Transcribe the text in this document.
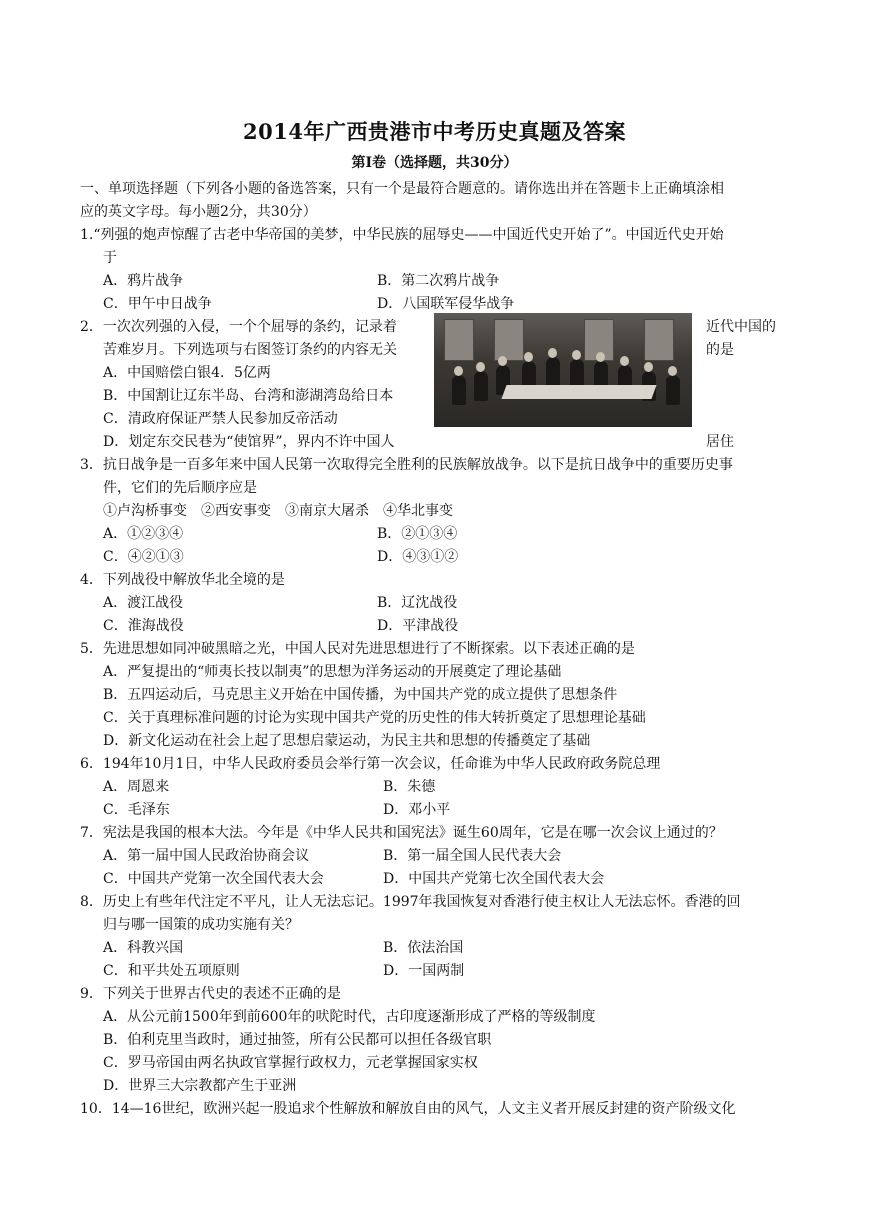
2014年广西贵港市中考历史真题及答案
第Ⅰ卷（选择题，共30分）
一、单项选择题（下列各小题的备选答案，只有一个是最符合题意的。请你选出并在答题卡上正确填涂相
应的英文字母。每小题2分，共30分）
1.“列强的炮声惊醒了古老中华帝国的美梦，中华民族的屈辱史——中国近代史开始了”。中国近代史开始
于
A．鸦片战争	B．第二次鸦片战争
C．甲午中日战争	D．八国联军侵华战争
2．一次次列强的入侵，一个个屈辱的条约，记录着	近代中国的
苦难岁月。下列选项与右图签订条约的内容无关	的是
A．中国赔偿白银4．5亿两
B．中国割让辽东半岛、台湾和澎湖湾岛给日本
C．清政府保证严禁人民参加反帝活动
D．划定东交民巷为“使馆界”，界内不许中国人	居住
3．抗日战争是一百多年来中国人民第一次取得完全胜利的民族解放战争。以下是抗日战争中的重要历史事
件，它们的先后顺序应是
①卢沟桥事变　②西安事变　③南京大屠杀　④华北事变
A．①②③④	B．②①③④
C．④②①③	D．④③①②
4．下列战役中解放华北全境的是
A．渡江战役	B．辽沈战役
C．淮海战役	D．平津战役
5．先进思想如同冲破黑暗之光，中国人民对先进思想进行了不断探索。以下表述正确的是
A．严复提出的“师夷长技以制夷”的思想为洋务运动的开展奠定了理论基础
B．五四运动后，马克思主义开始在中国传播，为中国共产党的成立提供了思想条件
C．关于真理标准问题的讨论为实现中国共产党的历史性的伟大转折奠定了思想理论基础
D．新文化运动在社会上起了思想启蒙运动，为民主共和思想的传播奠定了基础
6．194年10月1日，中华人民政府委员会举行第一次会议，任命谁为中华人民政府政务院总理
A．周恩来	B．朱德
C．毛泽东	D．邓小平
7．宪法是我国的根本大法。今年是《中华人民共和国宪法》诞生60周年，它是在哪一次会议上通过的？
A．第一届中国人民政治协商会议	B．第一届全国人民代表大会
C．中国共产党第一次全国代表大会	D．中国共产党第七次全国代表大会
8．历史上有些年代注定不平凡，让人无法忘记。1997年我国恢复对香港行使主权让人无法忘怀。香港的回
归与哪一国策的成功实施有关？
A．科教兴国	B．依法治国
C．和平共处五项原则	D．一国两制
9．下列关于世界古代史的表述不正确的是
A．从公元前1500年到前600年的吠陀时代，古印度逐渐形成了严格的等级制度
B．伯利克里当政时，通过抽签，所有公民都可以担任各级官职
C．罗马帝国由两名执政官掌握行政权力，元老掌握国家实权
D．世界三大宗教都产生于亚洲
10．14—16世纪，欧洲兴起一股追求个性解放和解放自由的风气，人文主义者开展反封建的资产阶级文化
